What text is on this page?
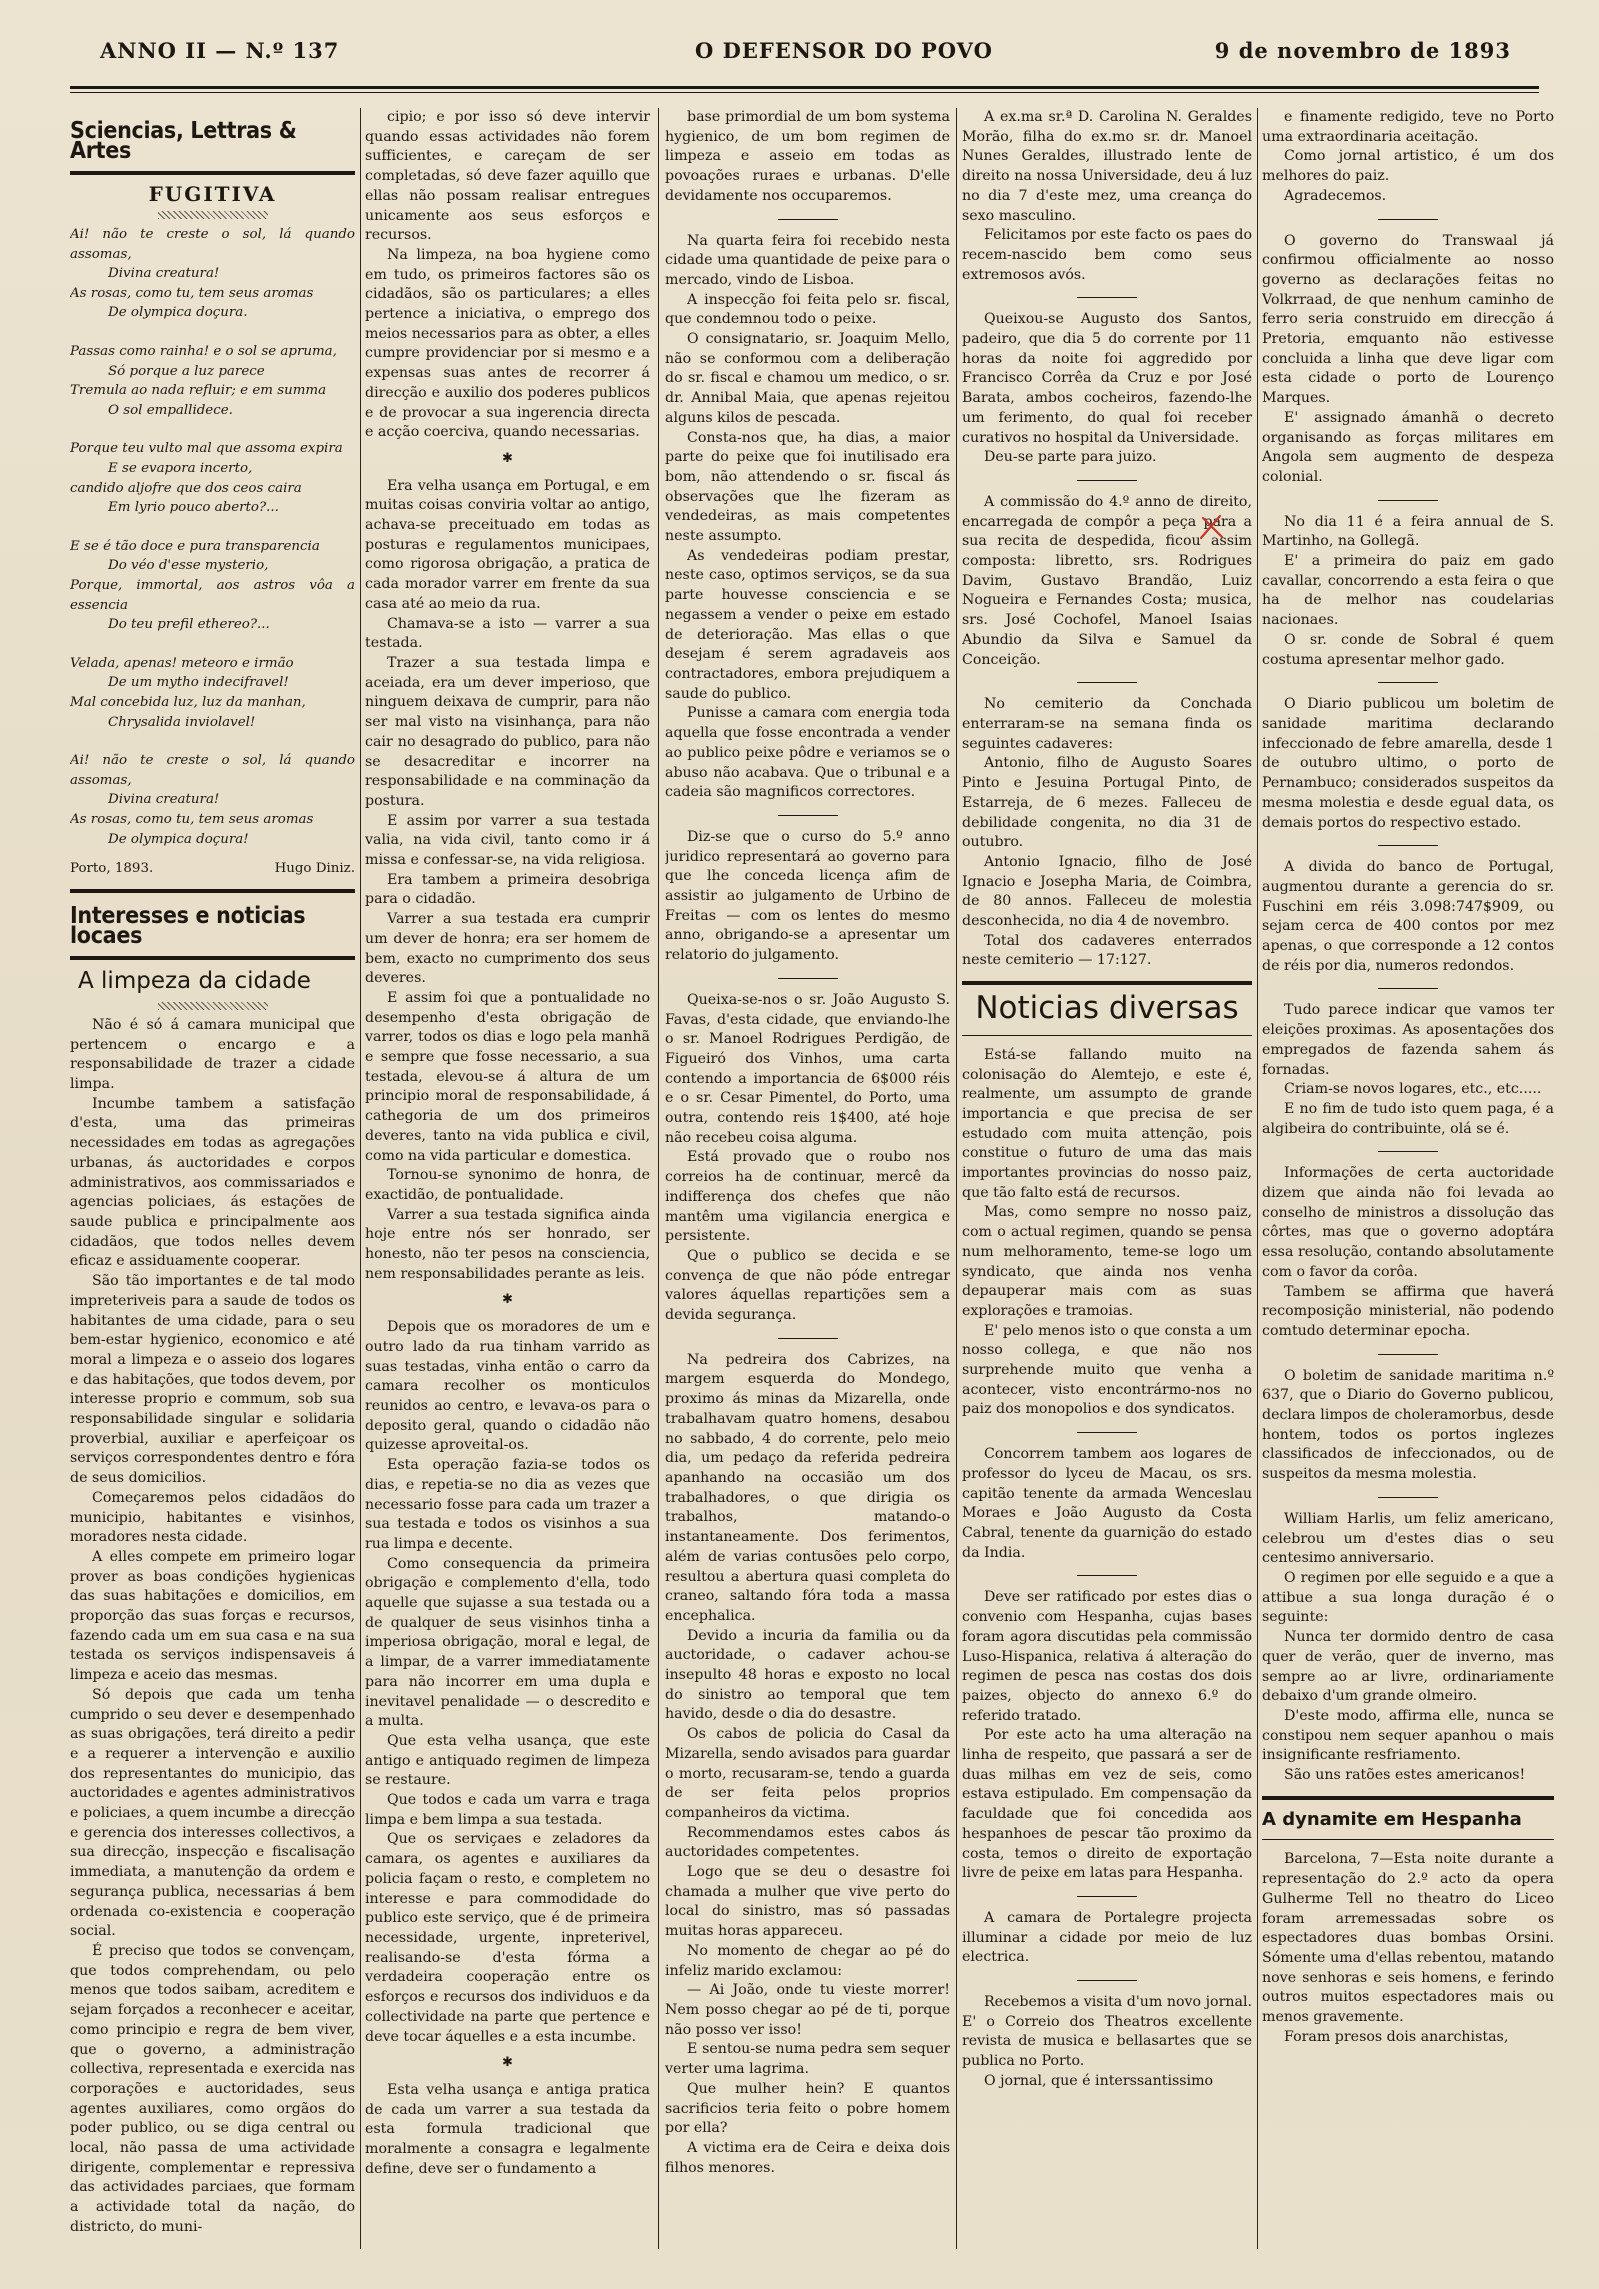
ANNO II — N.º 137	O DEFENSOR DO POVO	9 de novembro de 1893
Sciencias, Lettras & Artes
FUGITIVA
Ai! não te creste o sol, lá quando assomas,
Divina creatura!
As rosas, como tu, tem seus aromas
De olympica doçura.
Passas como rainha! e o sol se apruma,
Só porque a luz parece
Tremula ao nada refluir; e em summa
O sol empallidece.
Porque teu vulto mal que assoma expira
E se evapora incerto,
candido aljofre que dos ceos caira
Em lyrio pouco aberto?...
E se é tão doce e pura transparencia
Do véo d'esse mysterio,
Porque, immortal, aos astros vôa a essencia
Do teu prefil ethereo?...
Velada, apenas! meteoro e irmão
De um mytho indecifravel!
Mal concebida luz, luz da manhan,
Chrysalida inviolavel!
Ai! não te creste o sol, lá quando assomas,
Divina creatura!
As rosas, como tu, tem seus aromas
De olympica doçura!
Porto, 1893.	Hugo Diniz.
Interesses e noticias locaes
A limpeza da cidade

Não é só á camara municipal que pertencem o encargo e a responsabilidade de trazer a cidade limpa.

Incumbe tambem a satisfação d'esta, uma das primeiras necessidades em todas as agregações urbanas, ás auctoridades e corpos administrativos, aos commissariados e agencias policiaes, ás estações de saude publica e principalmente aos cidadãos, que todos nelles devem eficaz e assiduamente cooperar.

São tão importantes e de tal modo impreteriveis para a saude de todos os habitantes de uma cidade, para o seu bem-estar hygienico, economico e até moral a limpeza e o asseio dos logares e das habitações, que todos devem, por interesse proprio e commum, sob sua responsabilidade singular e solidaria proverbial, auxiliar e aperfeiçoar os serviços correspondentes dentro e fóra de seus domicilios.

Começaremos pelos cidadãos do municipio, habitantes e visinhos, moradores nesta cidade.

A elles compete em primeiro logar prover as boas condições hygienicas das suas habitações e domicilios, em proporção das suas forças e recursos, fazendo cada um em sua casa e na sua testada os serviços indispensaveis á limpeza e aceio das mesmas.

Só depois que cada um tenha cumprido o seu dever e desempenhado as suas obrigações, terá direito a pedir e a requerer a intervenção e auxilio dos representantes do municipio, das auctoridades e agentes administrativos e policiaes, a quem incumbe a direcção e gerencia dos interesses collectivos, a sua direcção, inspecção e fiscalisação immediata, a manutenção da ordem e segurança publica, necessarias á bem ordenada co-existencia e cooperação social.

É preciso que todos se convençam, que todos comprehendam, ou pelo menos que todos saibam, acreditem e sejam forçados a reconhecer e aceitar, como principio e regra de bem viver, que o governo, a administração collectiva, representada e exercida nas corporações e auctoridades, seus agentes auxiliares, como orgãos do poder publico, ou se diga central ou local, não passa de uma actividade dirigente, complementar e repressiva das actividades parciaes, que formam a actividade total da nação, do districto, do muni-

cipio; e por isso só deve intervir quando essas actividades não forem sufficientes, e careçam de ser completadas, só deve fazer aquillo que ellas não possam realisar entregues unicamente aos seus esforços e recursos.

Na limpeza, na boa hygiene como em tudo, os primeiros factores são os cidadãos, são os particulares; a elles pertence a iniciativa, o emprego dos meios necessarios para as obter, a elles cumpre providenciar por si mesmo e a expensas suas antes de recorrer á direcção e auxilio dos poderes publicos e de provocar a sua ingerencia directa e acção coerciva, quando necessarias.

✱

Era velha usança em Portugal, e em muitas coisas conviria voltar ao antigo, achava-se preceituado em todas as posturas e regulamentos municipaes, como rigorosa obrigação, a pratica de cada morador varrer em frente da sua casa até ao meio da rua.

Chamava-se a isto — varrer a sua testada.

Trazer a sua testada limpa e aceiada, era um dever imperioso, que ninguem deixava de cumprir, para não ser mal visto na visinhança, para não cair no desagrado do publico, para não se desacreditar e incorrer na responsabilidade e na comminação da postura.

E assim por varrer a sua testada valia, na vida civil, tanto como ir á missa e confessar-se, na vida religiosa.

Era tambem a primeira desobriga para o cidadão.

Varrer a sua testada era cumprir um dever de honra; era ser homem de bem, exacto no cumprimento dos seus deveres.

E assim foi que a pontualidade no desempenho d'esta obrigação de varrer, todos os dias e logo pela manhã e sempre que fosse necessario, a sua testada, elevou-se á altura de um principio moral de responsabilidade, á cathegoria de um dos primeiros deveres, tanto na vida publica e civil, como na vida particular e domestica.

Tornou-se synonimo de honra, de exactidão, de pontualidade.

Varrer a sua testada significa ainda hoje entre nós ser honrado, ser honesto, não ter pesos na consciencia, nem responsabilidades perante as leis.

✱

Depois que os moradores de um e outro lado da rua tinham varrido as suas testadas, vinha então o carro da camara recolher os monticulos reunidos ao centro, e levava-os para o deposito geral, quando o cidadão não quizesse aproveital-os.

Esta operação fazia-se todos os dias, e repetia-se no dia as vezes que necessario fosse para cada um trazer a sua testada e todos os visinhos a sua rua limpa e decente.

Como consequencia da primeira obrigação e complemento d'ella, todo aquelle que sujasse a sua testada ou a de qualquer de seus visinhos tinha a imperiosa obrigação, moral e legal, de a limpar, de a varrer immediatamente para não incorrer em uma dupla e inevitavel penalidade — o descredito e a multa.

Que esta velha usança, que este antigo e antiquado regimen de limpeza se restaure.

Que todos e cada um varra e traga limpa e bem limpa a sua testada.

Que os serviçaes e zeladores da camara, os agentes e auxiliares da policia façam o resto, e completem no interesse e para commodidade do publico este serviço, que é de primeira necessidade, urgente, inpreterivel, realisando-se d'esta fórma a verdadeira cooperação entre os esforços e recursos dos individuos e da collectividade na parte que pertence e deve tocar áquelles e a esta incumbe.

✱

Esta velha usança e antiga pratica de cada um varrer a sua testada da esta formula tradicional que moralmente a consagra e legalmente define, deve ser o fundamento a

base primordial de um bom systema hygienico, de um bom regimen de limpeza e asseio em todas as povoações ruraes e urbanas. D'elle devidamente nos occuparemos.

Na quarta feira foi recebido nesta cidade uma quantidade de peixe para o mercado, vindo de Lisboa.

A inspecção foi feita pelo sr. fiscal, que condemnou todo o peixe.

O consignatario, sr. Joaquim Mello, não se conformou com a deliberação do sr. fiscal e chamou um medico, o sr. dr. Annibal Maia, que apenas rejeitou alguns kilos de pescada.

Consta-nos que, ha dias, a maior parte do peixe que foi inutilisado era bom, não attendendo o sr. fiscal ás observações que lhe fizeram as vendedeiras, as mais competentes neste assumpto.

As vendedeiras podiam prestar, neste caso, optimos serviços, se da sua parte houvesse consciencia e se negassem a vender o peixe em estado de deterioração. Mas ellas o que desejam é serem agradaveis aos contractadores, embora prejudiquem a saude do publico.

Punisse a camara com energia toda aquella que fosse encontrada a vender ao publico peixe pôdre e veriamos se o abuso não acabava. Que o tribunal e a cadeia são magnificos correctores.

Diz-se que o curso do 5.º anno juridico representará ao governo para que lhe conceda licença afim de assistir ao julgamento de Urbino de Freitas — com os lentes do mesmo anno, obrigando-se a apresentar um relatorio do julgamento.

Queixa-se-nos o sr. João Augusto S. Favas, d'esta cidade, que enviando-lhe o sr. Manoel Rodrigues Perdigão, de Figueiró dos Vinhos, uma carta contendo a importancia de 6$000 réis e o sr. Cesar Pimentel, do Porto, uma outra, contendo reis 1$400, até hoje não recebeu coisa alguma.

Está provado que o roubo nos correios ha de continuar, mercê da indifferença dos chefes que não mantêm uma vigilancia energica e persistente.

Que o publico se decida e se convença de que não póde entregar valores áquellas repartições sem a devida segurança.

Na pedreira dos Cabrizes, na margem esquerda do Mondego, proximo ás minas da Mizarella, onde trabalhavam quatro homens, desabou no sabbado, 4 do corrente, pelo meio dia, um pedaço da referida pedreira apanhando na occasião um dos trabalhadores, o que dirigia os trabalhos, matando-o instantaneamente. Dos ferimentos, além de varias contusões pelo corpo, resultou a abertura quasi completa do craneo, saltando fóra toda a massa encephalica.

Devido a incuria da familia ou da auctoridade, o cadaver achou-se insepulto 48 horas e exposto no local do sinistro ao temporal que tem havido, desde o dia do desastre.

Os cabos de policia do Casal da Mizarella, sendo avisados para guardar o morto, recusaram-se, tendo a guarda de ser feita pelos proprios companheiros da victima.

Recommendamos estes cabos ás auctoridades competentes.

Logo que se deu o desastre foi chamada a mulher que vive perto do local do sinistro, mas só passadas muitas horas appareceu.

No momento de chegar ao pé do infeliz marido exclamou:

— Ai João, onde tu vieste morrer! Nem posso chegar ao pé de ti, porque não posso ver isso!

E sentou-se numa pedra sem sequer verter uma lagrima.

Que mulher hein? E quantos sacrificios teria feito o pobre homem por ella?

A victima era de Ceira e deixa dois filhos menores.

A ex.ma sr.ª D. Carolina N. Geraldes Morão, filha do ex.mo sr. dr. Manoel Nunes Geraldes, illustrado lente de direito na nossa Universidade, deu á luz no dia 7 d'este mez, uma creança do sexo masculino.

Felicitamos por este facto os paes do recem-nascido bem como seus extremosos avós.

Queixou-se Augusto dos Santos, padeiro, que dia 5 do corrente por 11 horas da noite foi aggredido por Francisco Corrêa da Cruz e por José Barata, ambos cocheiros, fazendo-lhe um ferimento, do qual foi receber curativos no hospital da Universidade.

Deu-se parte para juizo.

A commissão do 4.º anno de direito, encarregada de compôr a peça para a sua recita de despedida, ficou assim composta: libretto, srs. Rodrigues Davim, Gustavo Brandão, Luiz Nogueira e Fernandes Costa; musica, srs. José Cochofel, Manoel Isaias Abundio da Silva e Samuel da Conceição.

No cemiterio da Conchada enterraram-se na semana finda os seguintes cadaveres:

Antonio, filho de Augusto Soares Pinto e Jesuina Portugal Pinto, de Estarreja, de 6 mezes. Falleceu de debilidade congenita, no dia 31 de outubro.

Antonio Ignacio, filho de José Ignacio e Josepha Maria, de Coimbra, de 80 annos. Falleceu de molestia desconhecida, no dia 4 de novembro.

Total dos cadaveres enterrados neste cemiterio — 17:127.

Noticias diversas

Está-se fallando muito na colonisação do Alemtejo, e este é, realmente, um assumpto de grande importancia e que precisa de ser estudado com muita attenção, pois constitue o futuro de uma das mais importantes provincias do nosso paiz, que tão falto está de recursos.

Mas, como sempre no nosso paiz, com o actual regimen, quando se pensa num melhoramento, teme-se logo um syndicato, que ainda nos venha depauperar mais com as suas explorações e tramoias.

E' pelo menos isto o que consta a um nosso collega, e que não nos surprehende muito que venha a acontecer, visto encontrármo-nos no paiz dos monopolios e dos syndicatos.

Concorrem tambem aos logares de professor do lyceu de Macau, os srs. capitão tenente da armada Wenceslau Moraes e João Augusto da Costa Cabral, tenente da guarnição do estado da India.

Deve ser ratificado por estes dias o convenio com Hespanha, cujas bases foram agora discutidas pela commissão Luso-Hispanica, relativa á alteração do regimen de pesca nas costas dos dois paizes, objecto do annexo 6.º do referido tratado.

Por este acto ha uma alteração na linha de respeito, que passará a ser de duas milhas em vez de seis, como estava estipulado. Em compensação da faculdade que foi concedida aos hespanhoes de pescar tão proximo da costa, temos o direito de exportação livre de peixe em latas para Hespanha.

A camara de Portalegre projecta illuminar a cidade por meio de luz electrica.

Recebemos a visita d'um novo jornal. E' o Correio dos Theatros excellente revista de musica e bellasartes que se publica no Porto.

O jornal, que é interssantissimo

e finamente redigido, teve no Porto uma extraordinaria aceitação.

Como jornal artistico, é um dos melhores do paiz.

Agradecemos.

O governo do Transwaal já confirmou officialmente ao nosso governo as declarações feitas no Volkrraad, de que nenhum caminho de ferro seria construido em direcção á Pretoria, emquanto não estivesse concluida a linha que deve ligar com esta cidade o porto de Lourenço Marques.

E' assignado ámanhã o decreto organisando as forças militares em Angola sem augmento de despeza colonial.

No dia 11 é a feira annual de S. Martinho, na Gollegã.

E' a primeira do paiz em gado cavallar, concorrendo a esta feira o que ha de melhor nas coudelarias nacionaes.

O sr. conde de Sobral é quem costuma apresentar melhor gado.

O Diario publicou um boletim de sanidade maritima declarando infeccionado de febre amarella, desde 1 de outubro ultimo, o porto de Pernambuco; considerados suspeitos da mesma molestia e desde egual data, os demais portos do respectivo estado.

A divida do banco de Portugal, augmentou durante a gerencia do sr. Fuschini em réis 3.098:747$909, ou sejam cerca de 400 contos por mez apenas, o que corresponde a 12 contos de réis por dia, numeros redondos.

Tudo parece indicar que vamos ter eleições proximas. As aposentações dos empregados de fazenda sahem ás fornadas.

Criam-se novos logares, etc., etc.....

E no fim de tudo isto quem paga, é a algibeira do contribuinte, olá se é.

Informações de certa auctoridade dizem que ainda não foi levada ao conselho de ministros a dissolução das côrtes, mas que o governo adoptára essa resolução, contando absolutamente com o favor da corôa.

Tambem se affirma que haverá recomposição ministerial, não podendo comtudo determinar epocha.

O boletim de sanidade maritima n.º 637, que o Diario do Governo publicou, declara limpos de choleramorbus, desde hontem, todos os portos inglezes classificados de infeccionados, ou de suspeitos da mesma molestia.

William Harlis, um feliz americano, celebrou um d'estes dias o seu centesimo anniversario.

O regimen por elle seguido e a que a attibue a sua longa duração é o seguinte:

Nunca ter dormido dentro de casa quer de verão, quer de inverno, mas sempre ao ar livre, ordinariamente debaixo d'um grande olmeiro.

D'este modo, affirma elle, nunca se constipou nem sequer apanhou o mais insignificante resfriamento.

São uns ratões estes americanos!

A dynamite em Hespanha

Barcelona, 7—Esta noite durante a representação do 2.º acto da opera Gulherme Tell no theatro do Liceo foram arremessadas sobre os espectadores duas bombas Orsini. Sómente uma d'ellas rebentou, matando nove senhoras e seis homens, e ferindo outros muitos espectadores mais ou menos gravemente.

Foram presos dois anarchistas,
